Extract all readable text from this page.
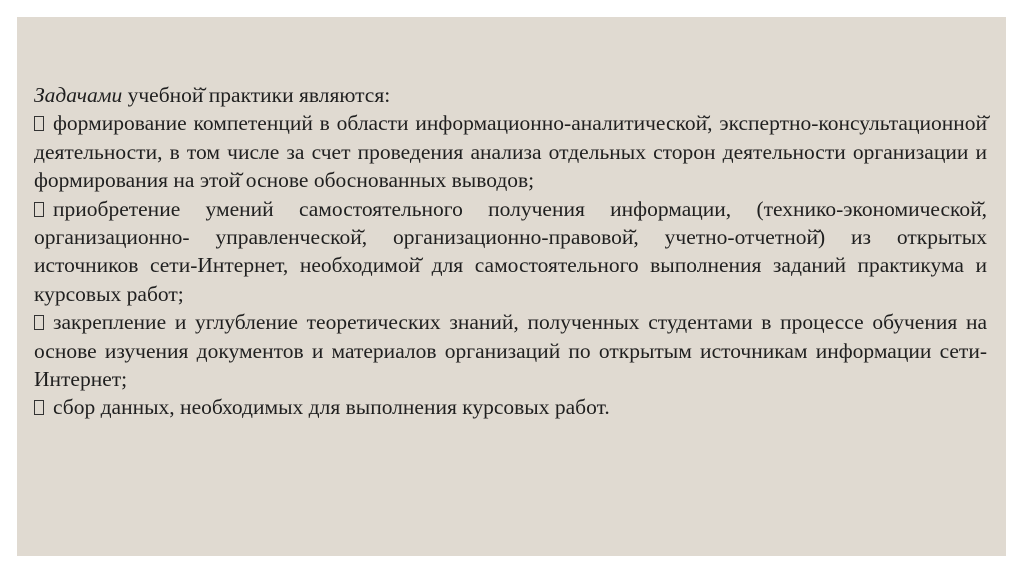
Задачами учебной̆ практики являются:

формирование компетенций в области информационно-аналитической̆, экспертно-консультационной̆ деятельности, в том числе за счет проведения анализа отдельных сторон деятельности организации и формирования на этой̆ основе обоснованных выводов;

приобретение умений самостоятельного получения информации, (технико-экономической̆, организационно- управленческой̆, организационно-правовой̆, учетно-отчетной̆) из открытых источников сети-Интернет, необходимой̆ для самостоятельного выполнения заданий практикума и курсовых работ;

закрепление и углубление теоретических знаний, полученных студентами в процессе обучения на основе изучения документов и материалов организаций по открытым источникам информации сети-Интернет;

сбор данных, необходимых для выполнения курсовых работ.
